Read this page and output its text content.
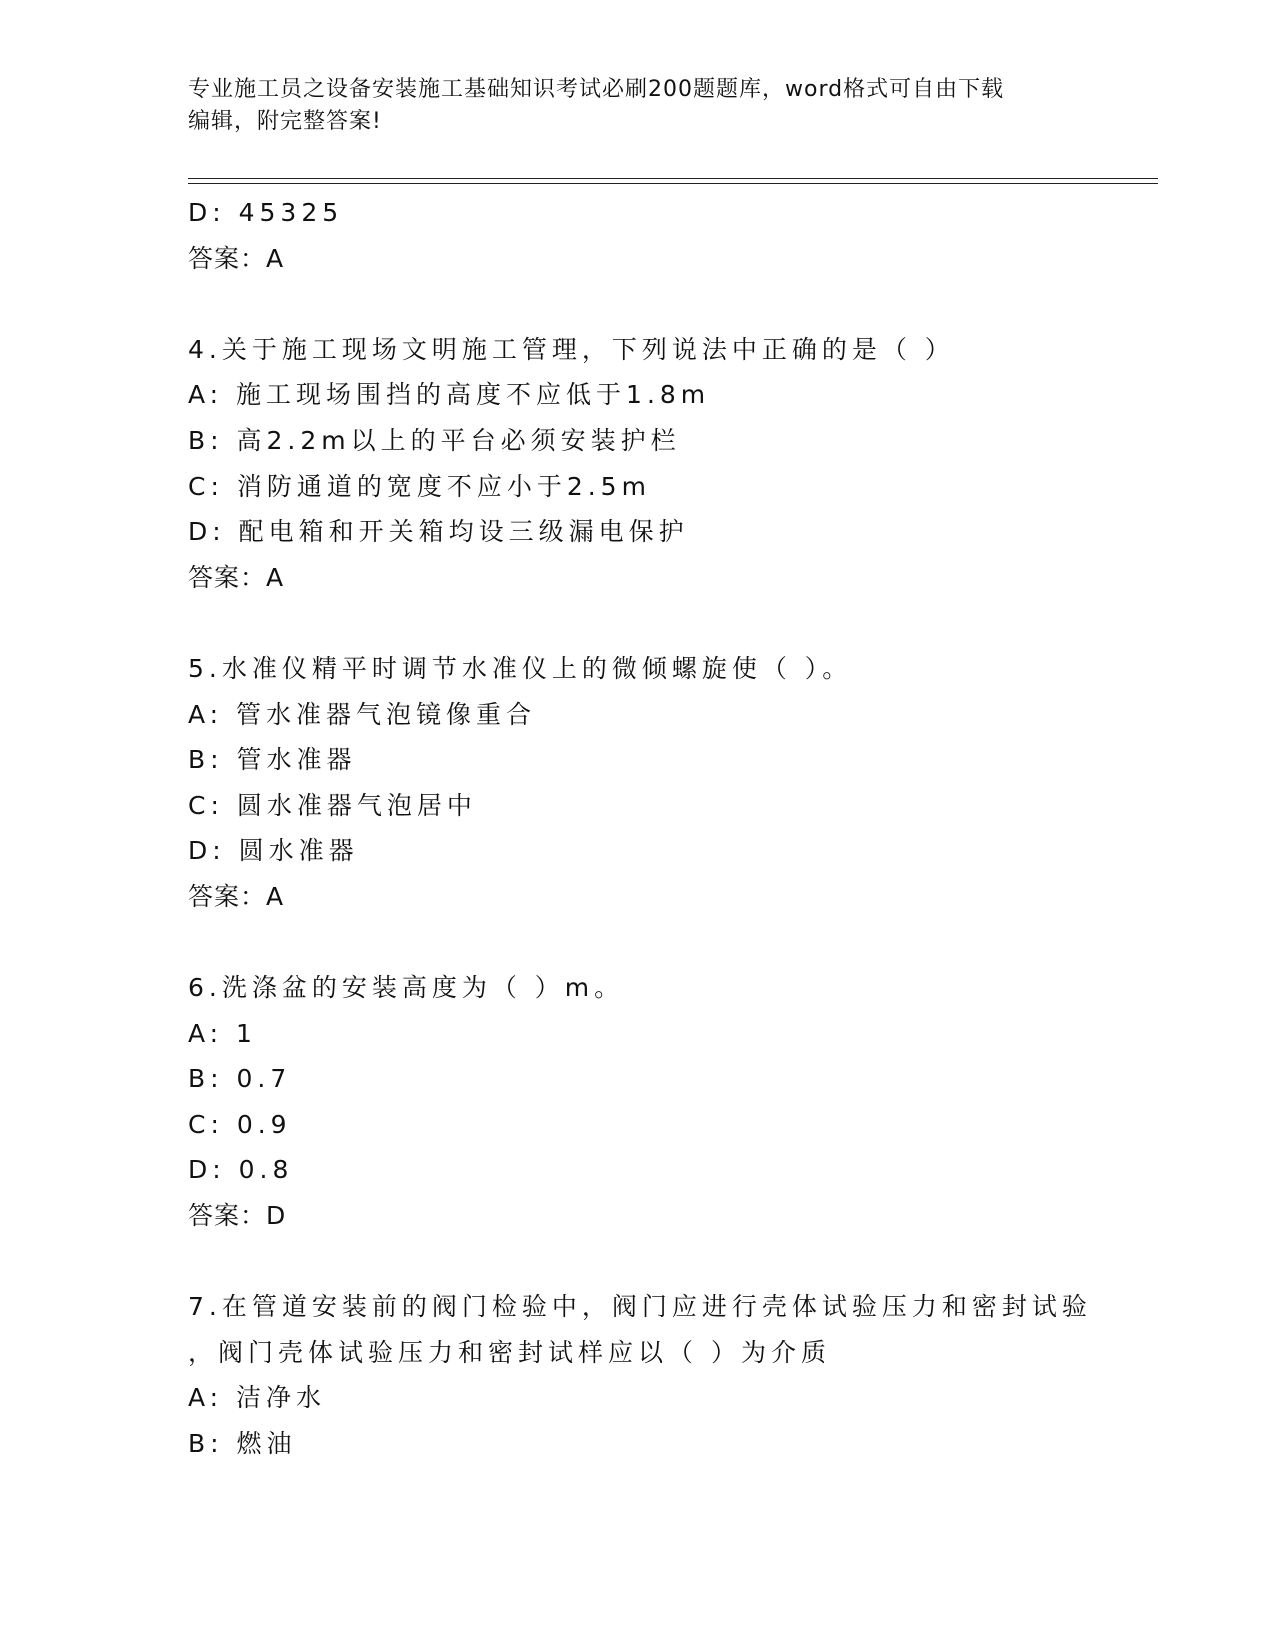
专业施工员之设备安装施工基础知识考试必刷200题题库，word格式可自由下载
编辑，附完整答案!
D: 45325
答案：A
4.关于施工现场文明施工管理，下列说法中正确的是（ ）
A: 施工现场围挡的高度不应低于1.8m
B: 高2.2m以上的平台必须安装护栏
C: 消防通道的宽度不应小于2.5m
D: 配电箱和开关箱均设三级漏电保护
答案：A
5.水准仪精平时调节水准仪上的微倾螺旋使（ ）。
A: 管水准器气泡镜像重合
B: 管水准器
C: 圆水准器气泡居中
D: 圆水准器
答案：A
6.洗涤盆的安装高度为（ ）m。
A: 1
B: 0.7
C: 0.9
D: 0.8
答案：D
7.在管道安装前的阀门检验中，阀门应进行壳体试验压力和密封试验
，阀门壳体试验压力和密封试样应以（ ）为介质
A: 洁净水
B: 燃油
